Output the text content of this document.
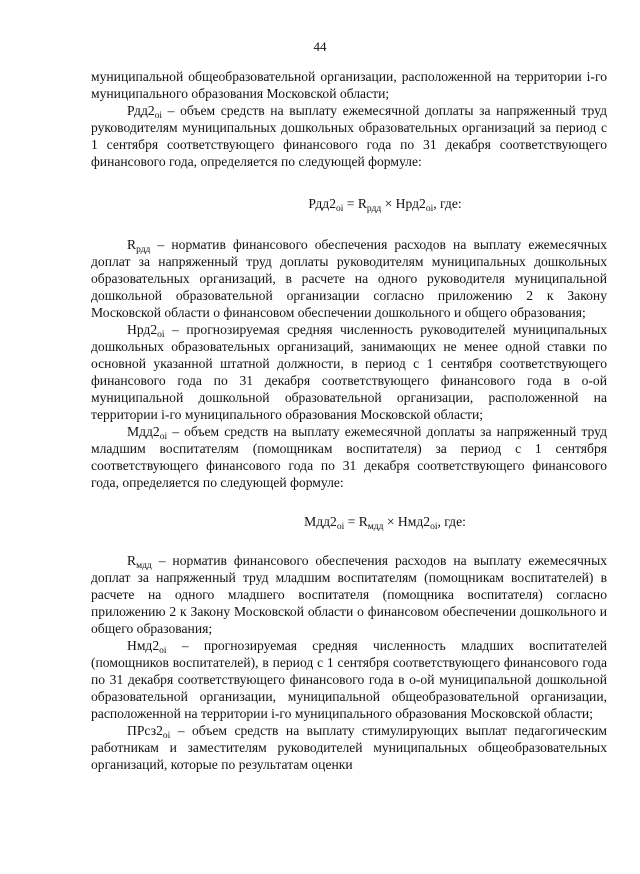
44

муниципальной общеобразовательной организации, расположенной на территории i-го муниципального образования Московской области;

$Рдд2_{oi}$ – объем средств на выплату ежемесячной доплаты за напряженный труд руководителям муниципальных дошкольных образовательных организаций за период с 1 сентября соответствующего финансового года по 31 декабря соответствующего финансового года, определяется по следующей формуле:

$Рдд2_{oi} = R_{рдд} \times Нрд2_{oi}$, где:

$R_{рдд}$ – норматив финансового обеспечения расходов на выплату ежемесячных доплат за напряженный труд доплаты руководителям муниципальных дошкольных образовательных организаций, в расчете на одного руководителя муниципальной дошкольной образовательной организации согласно приложению 2 к Закону Московской области о финансовом обеспечении дошкольного и общего образования;

$Нрд2_{oi}$ – прогнозируемая средняя численность руководителей муниципальных дошкольных образовательных организаций, занимающих не менее одной ставки по основной указанной штатной должности, в период с 1 сентября соответствующего финансового года по 31 декабря соответствующего финансового года в о-ой муниципальной дошкольной образовательной организации, расположенной на территории i-го муниципального образования Московской области;

$Мдд2_{oi}$ – объем средств на выплату ежемесячной доплаты за напряженный труд младшим воспитателям (помощникам воспитателя) за период с 1 сентября соответствующего финансового года по 31 декабря соответствующего финансового года, определяется по следующей формуле:

$Мдд2_{oi} = R_{мдд} \times Нмд2_{oi}$, где:

$R_{мдд}$ – норматив финансового обеспечения расходов на выплату ежемесячных доплат за напряженный труд младшим воспитателям (помощникам воспитателей) в расчете на одного младшего воспитателя (помощника воспитателя) согласно приложению 2 к Закону Московской области о финансовом обеспечении дошкольного и общего образования;

$Нмд2_{oi}$ – прогнозируемая средняя численность младших воспитателей (помощников воспитателей), в период с 1 сентября соответствующего финансового года по 31 декабря соответствующего финансового года в о-ой муниципальной дошкольной образовательной организации, муниципальной общеобразовательной организации, расположенной на территории i-го муниципального образования Московской области;

$ПРсз2_{oi}$ – объем средств на выплату стимулирующих выплат педагогическим работникам и заместителям руководителей муниципальных общеобразовательных организаций, которые по результатам оценки
